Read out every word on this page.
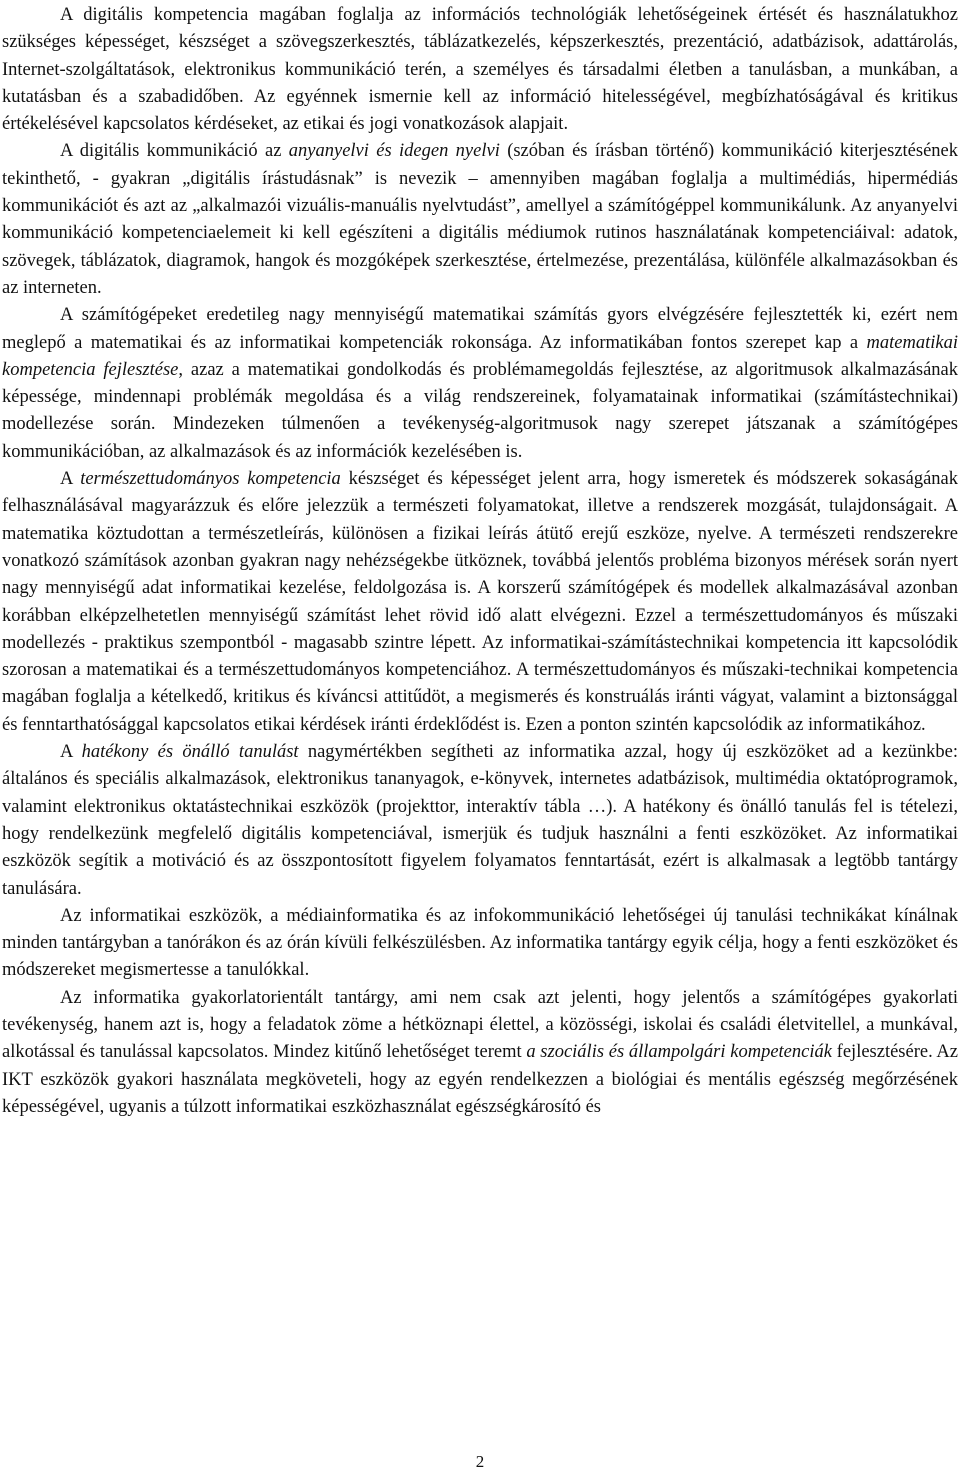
A digitális kompetencia magában foglalja az információs technológiák lehetőségeinek értését és használatukhoz szükséges képességet, készséget a szövegszerkesztés, táblázatkezelés, képszerkesztés, prezentáció, adatbázisok, adattárolás, Internet-szolgáltatások, elektronikus kommunikáció terén, a személyes és társadalmi életben a tanulásban, a munkában, a kutatásban és a szabadidőben. Az egyénnek ismernie kell az információ hitelességével, megbízhatóságával és kritikus értékelésével kapcsolatos kérdéseket, az etikai és jogi vonatkozások alapjait.

A digitális kommunikáció az anyanyelvi és idegen nyelvi (szóban és írásban történő) kommunikáció kiterjesztésének tekinthető, - gyakran „digitális írástudásnak” is nevezik – amennyiben magában foglalja a multimédiás, hipermédiás kommunikációt és azt az „alkalmazói vizuális-manuális nyelvtudást”, amellyel a számítógéppel kommunikálunk. Az anyanyelvi kommunikáció kompetenciaelemeit ki kell egészíteni a digitális médiumok rutinos használatának kompetenciáival: adatok, szövegek, táblázatok, diagramok, hangok és mozgóképek szerkesztése, értelmezése, prezentálása, különféle alkalmazásokban és az interneten.

A számítógépeket eredetileg nagy mennyiségű matematikai számítás gyors elvégzésére fejlesztették ki, ezért nem meglepő a matematikai és az informatikai kompetenciák rokonsága. Az informatikában fontos szerepet kap a matematikai kompetencia fejlesztése, azaz a matematikai gondolkodás és problémamegoldás fejlesztése, az algoritmusok alkalmazásának képessége, mindennapi problémák megoldása és a világ rendszereinek, folyamatainak informatikai (számítástechnikai) modellezése során. Mindezeken túlmenően a tevékenység-algoritmusok nagy szerepet játszanak a számítógépes kommunikációban, az alkalmazások és az információk kezelésében is.

A természettudományos kompetencia készséget és képességet jelent arra, hogy ismeretek és módszerek sokaságának felhasználásával magyarázzuk és előre jelezzük a természeti folyamatokat, illetve a rendszerek mozgását, tulajdonságait. A matematika köztudottan a természetleírás, különösen a fizikai leírás átütő erejű eszköze, nyelve. A természeti rendszerekre vonatkozó számítások azonban gyakran nagy nehézségekbe ütköznek, továbbá jelentős probléma bizonyos mérések során nyert nagy mennyiségű adat informatikai kezelése, feldolgozása is. A korszerű számítógépek és modellek alkalmazásával azonban korábban elképzelhetetlen mennyiségű számítást lehet rövid idő alatt elvégezni. Ezzel a természettudományos és műszaki modellezés - praktikus szempontból - magasabb szintre lépett. Az informatikai-számítástechnikai kompetencia itt kapcsolódik szorosan a matematikai és a természettudományos kompetenciához. A természettudományos és műszaki-technikai kompetencia magában foglalja a kételkedő, kritikus és kíváncsi attitűdöt, a megismerés és konstruálás iránti vágyat, valamint a biztonsággal és fenntarthatósággal kapcsolatos etikai kérdések iránti érdeklődést is. Ezen a ponton szintén kapcsolódik az informatikához.

A hatékony és önálló tanulást nagymértékben segítheti az informatika azzal, hogy új eszközöket ad a kezünkbe: általános és speciális alkalmazások, elektronikus tananyagok, e-könyvek, internetes adatbázisok, multimédia oktatóprogramok, valamint elektronikus oktatástechnikai eszközök (projekttor, interaktív tábla …). A hatékony és önálló tanulás fel is tételezi, hogy rendelkezünk megfelelő digitális kompetenciával, ismerjük és tudjuk használni a fenti eszközöket. Az informatikai eszközök segítik a motiváció és az összpontosított figyelem folyamatos fenntartását, ezért is alkalmasak a legtöbb tantárgy tanulására.

Az informatikai eszközök, a médiainformatika és az infokommunikáció lehetőségei új tanulási technikákat kínálnak minden tantárgyban a tanórákon és az órán kívüli felkészülésben. Az informatika tantárgy egyik célja, hogy a fenti eszközöket és módszereket megismertesse a tanulókkal.

Az informatika gyakorlatorientált tantárgy, ami nem csak azt jelenti, hogy jelentős a számítógépes gyakorlati tevékenység, hanem azt is, hogy a feladatok zöme a hétköznapi élettel, a közösségi, iskolai és családi életvitellel, a munkával, alkotással és tanulással kapcsolatos. Mindez kitűnő lehetőséget teremt a szociális és állampolgári kompetenciák fejlesztésére. Az IKT eszközök gyakori használata megköveteli, hogy az egyén rendelkezzen a biológiai és mentális egészség megőrzésének képességével, ugyanis a túlzott informatikai eszközhasználat egészségkárosító és

2
